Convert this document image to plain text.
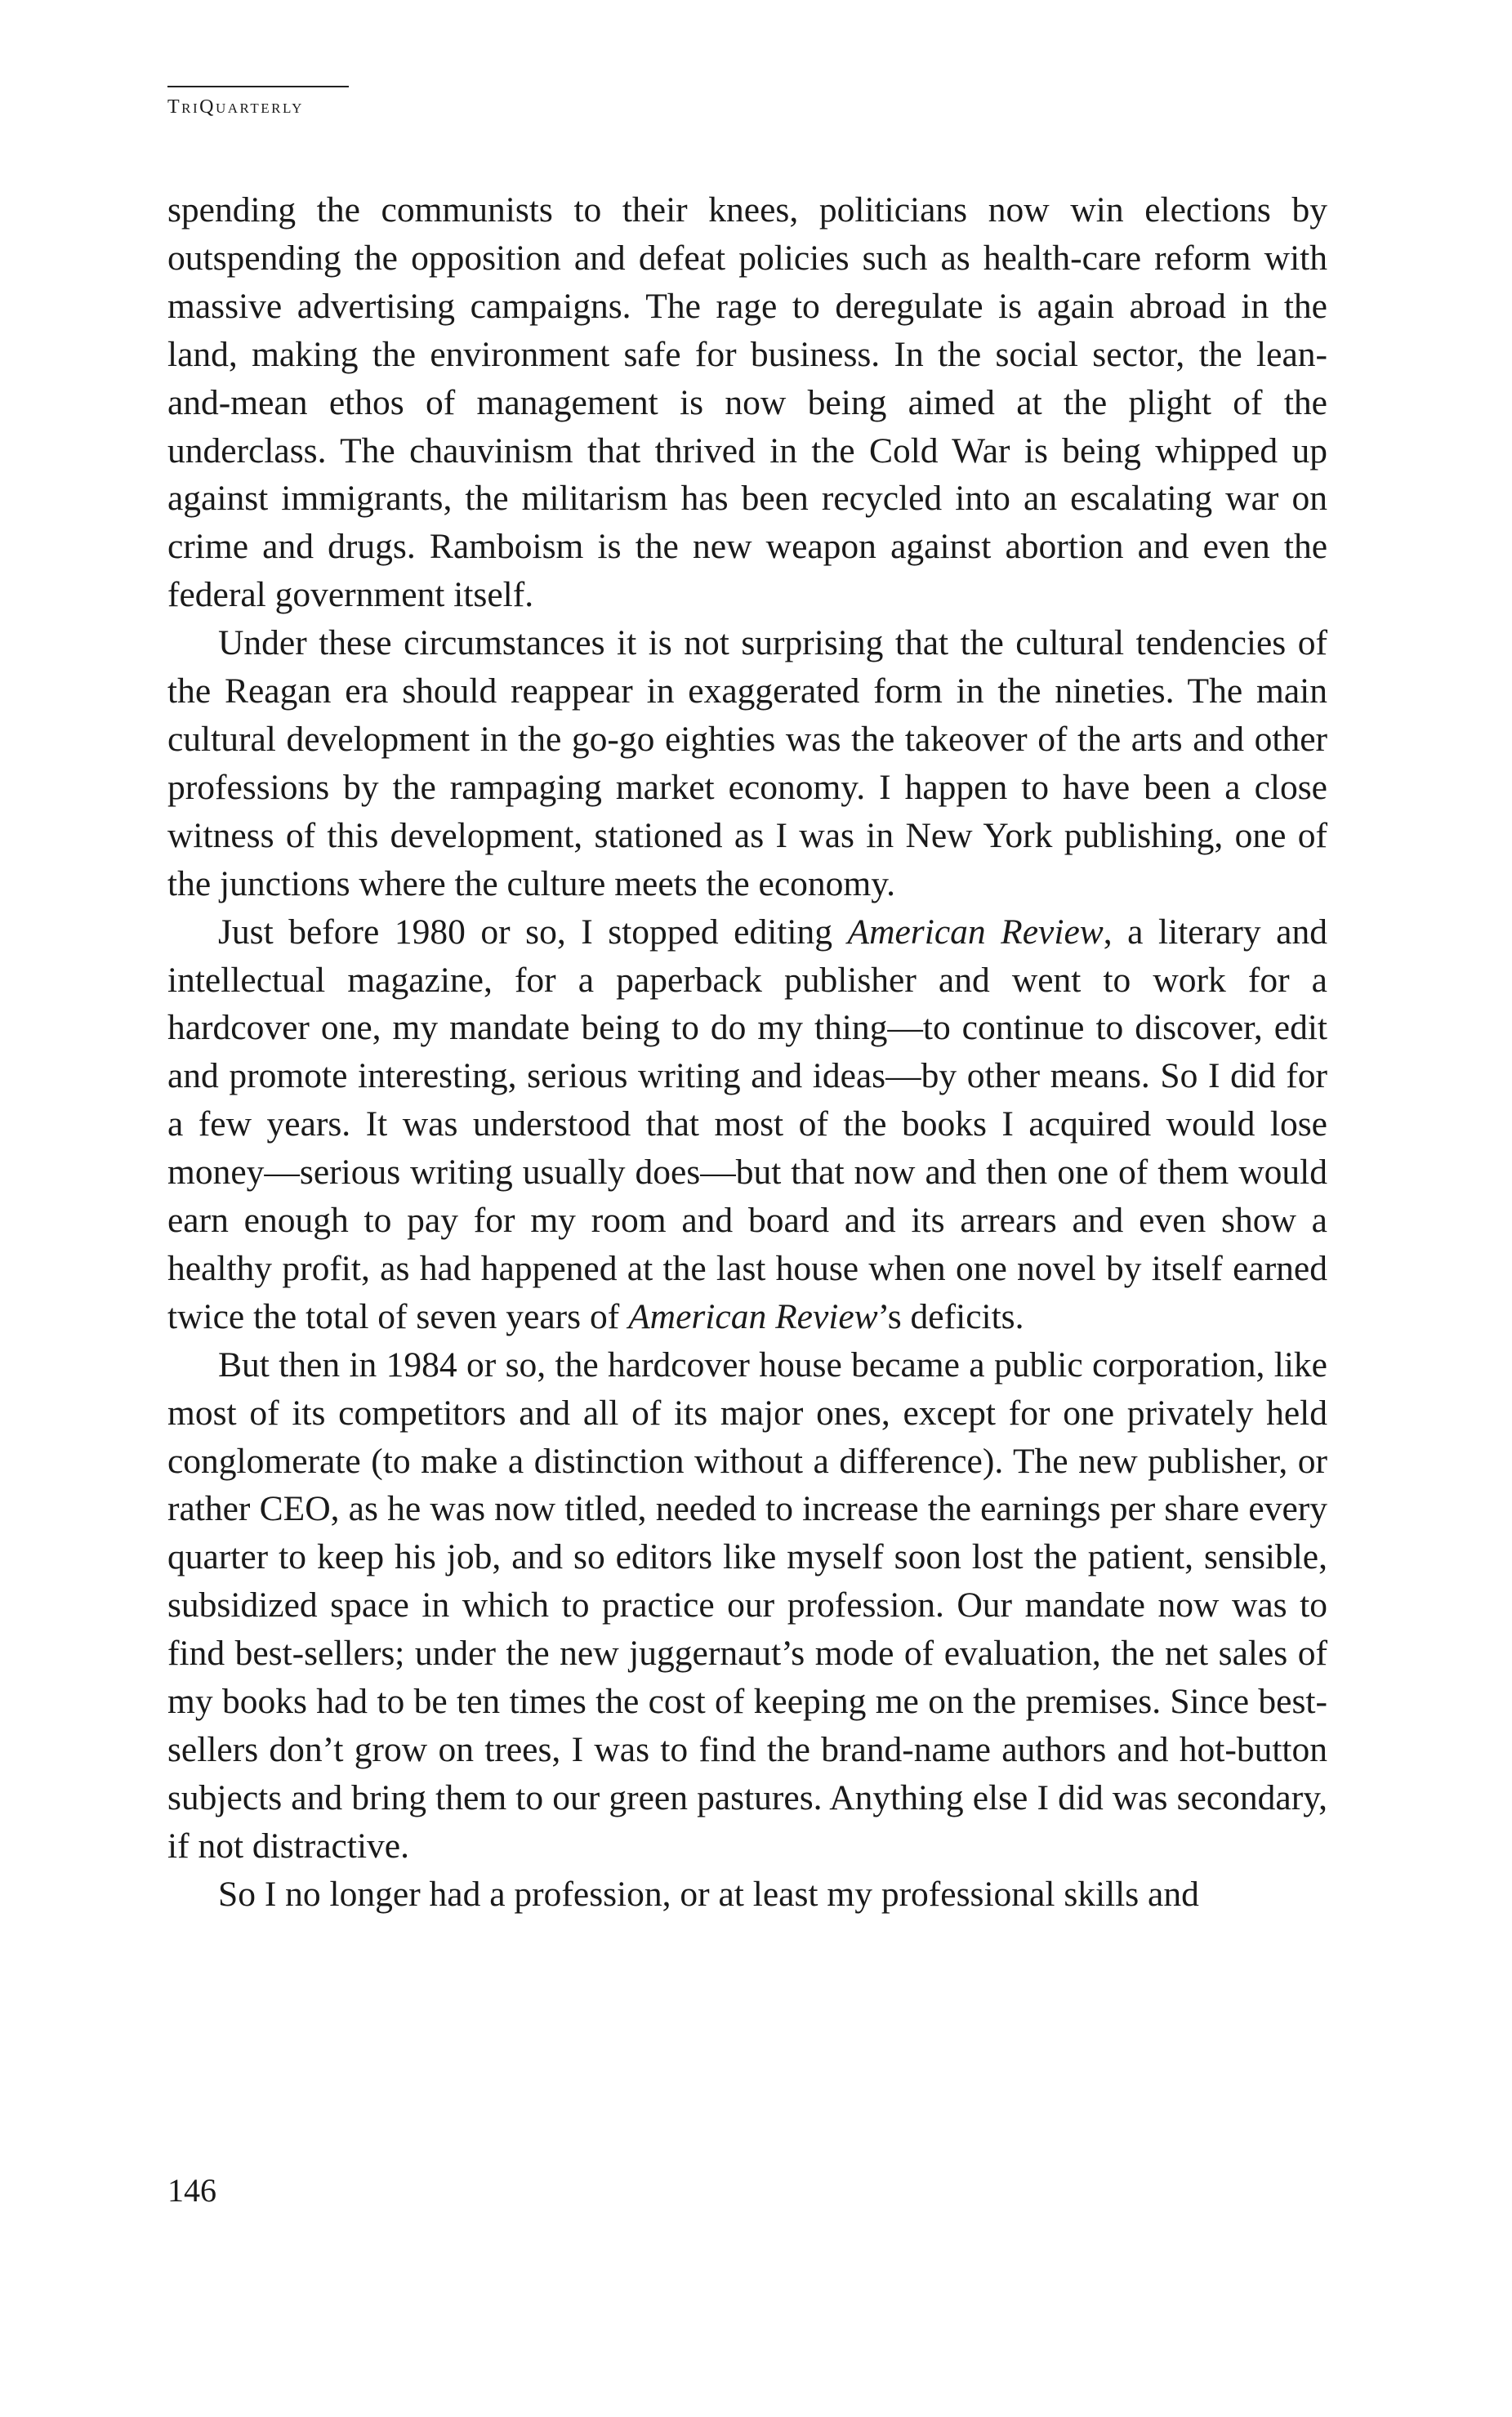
TriQuarterly

spending the communists to their knees, politicians now win elections by outspending the opposition and defeat policies such as health-care reform with massive advertising campaigns. The rage to deregulate is again abroad in the land, making the environment safe for business. In the social sector, the lean-and-mean ethos of management is now being aimed at the plight of the underclass. The chauvinism that thrived in the Cold War is being whipped up against immigrants, the militarism has been recycled into an escalating war on crime and drugs. Ramboism is the new weapon against abortion and even the federal government itself.

Under these circumstances it is not surprising that the cultural tendencies of the Reagan era should reappear in exaggerated form in the nineties. The main cultural development in the go-go eighties was the takeover of the arts and other professions by the rampaging market economy. I happen to have been a close witness of this development, stationed as I was in New York publishing, one of the junctions where the culture meets the economy.

Just before 1980 or so, I stopped editing American Review, a literary and intellectual magazine, for a paperback publisher and went to work for a hardcover one, my mandate being to do my thing—to continue to discover, edit and promote interesting, serious writing and ideas—by other means. So I did for a few years. It was understood that most of the books I acquired would lose money—serious writing usually does—but that now and then one of them would earn enough to pay for my room and board and its arrears and even show a healthy profit, as had happened at the last house when one novel by itself earned twice the total of seven years of American Review’s deficits.

But then in 1984 or so, the hardcover house became a public corporation, like most of its competitors and all of its major ones, except for one privately held conglomerate (to make a distinction without a difference). The new publisher, or rather CEO, as he was now titled, needed to increase the earnings per share every quarter to keep his job, and so editors like myself soon lost the patient, sensible, subsidized space in which to practice our profession. Our mandate now was to find best-sellers; under the new juggernaut’s mode of evaluation, the net sales of my books had to be ten times the cost of keeping me on the premises. Since best-sellers don’t grow on trees, I was to find the brand-name authors and hot-button subjects and bring them to our green pastures. Anything else I did was secondary, if not distractive.

So I no longer had a profession, or at least my professional skills and

146
